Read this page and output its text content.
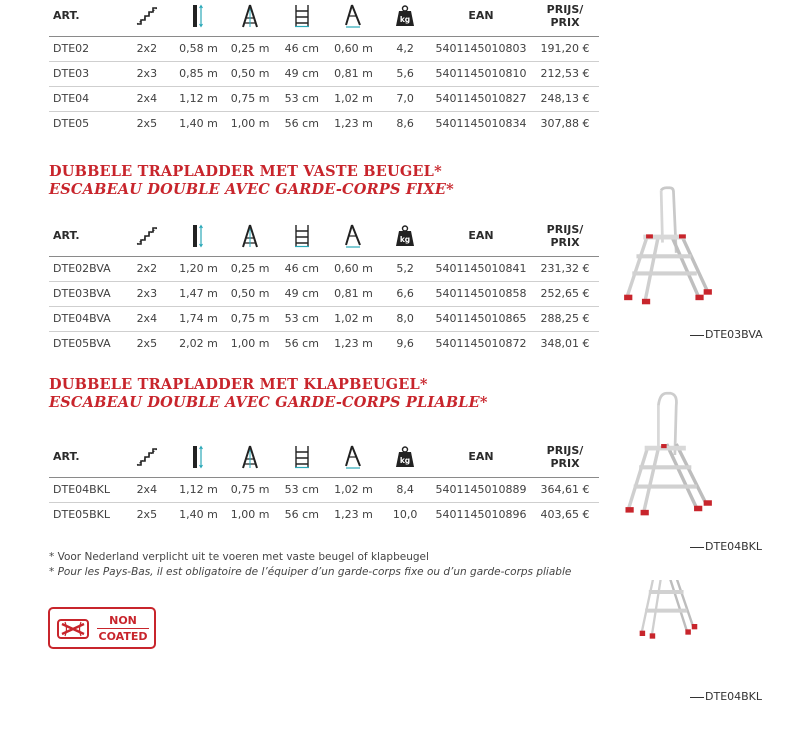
ART.							EAN	PRIJS/
PRIX
DTE02	2x2	0,58 m	0,25 m	46 cm	0,60 m	4,2	5401145010803	191,20 €
DTE03	2x3	0,85 m	0,50 m	49 cm	0,81 m	5,6	5401145010810	212,53 €
DTE04	2x4	1,12 m	0,75 m	53 cm	1,02 m	7,0	5401145010827	248,13 €
DTE05	2x5	1,40 m	1,00 m	56 cm	1,23 m	8,6	5401145010834	307,88 €
DUBBELE TRAPLADDER MET VASTE BEUGEL*
ESCABEAU DOUBLE AVEC GARDE-CORPS FIXE*
ART.							EAN	PRIJS/
PRIX
DTE02BVA	2x2	1,20 m	0,25 m	46 cm	0,60 m	5,2	5401145010841	231,32 €
DTE03BVA	2x3	1,47 m	0,50 m	49 cm	0,81 m	6,6	5401145010858	252,65 €
DTE04BVA	2x4	1,74 m	0,75 m	53 cm	1,02 m	8,0	5401145010865	288,25 €
DTE05BVA	2x5	2,02 m	1,00 m	56 cm	1,23 m	9,6	5401145010872	348,01 €
DUBBELE TRAPLADDER MET KLAPBEUGEL*
ESCABEAU DOUBLE AVEC GARDE-CORPS PLIABLE*
ART.							EAN	PRIJS/
PRIX
DTE04BKL	2x4	1,12 m	0,75 m	53 cm	1,02 m	8,4	5401145010889	364,61 €
DTE05BKL	2x5	1,40 m	1,00 m	56 cm	1,23 m	10,0	5401145010896	403,65 €
* Voor Nederland verplicht uit te voeren met vaste beugel of klapbeugel
* Pour les Pays-Bas, il est obligatoire de l’équiper d’un garde-corps fixe ou d’un garde-corps pliable
NON
COATED
DTE03BVA
DTE04BKL
DTE04BKL
